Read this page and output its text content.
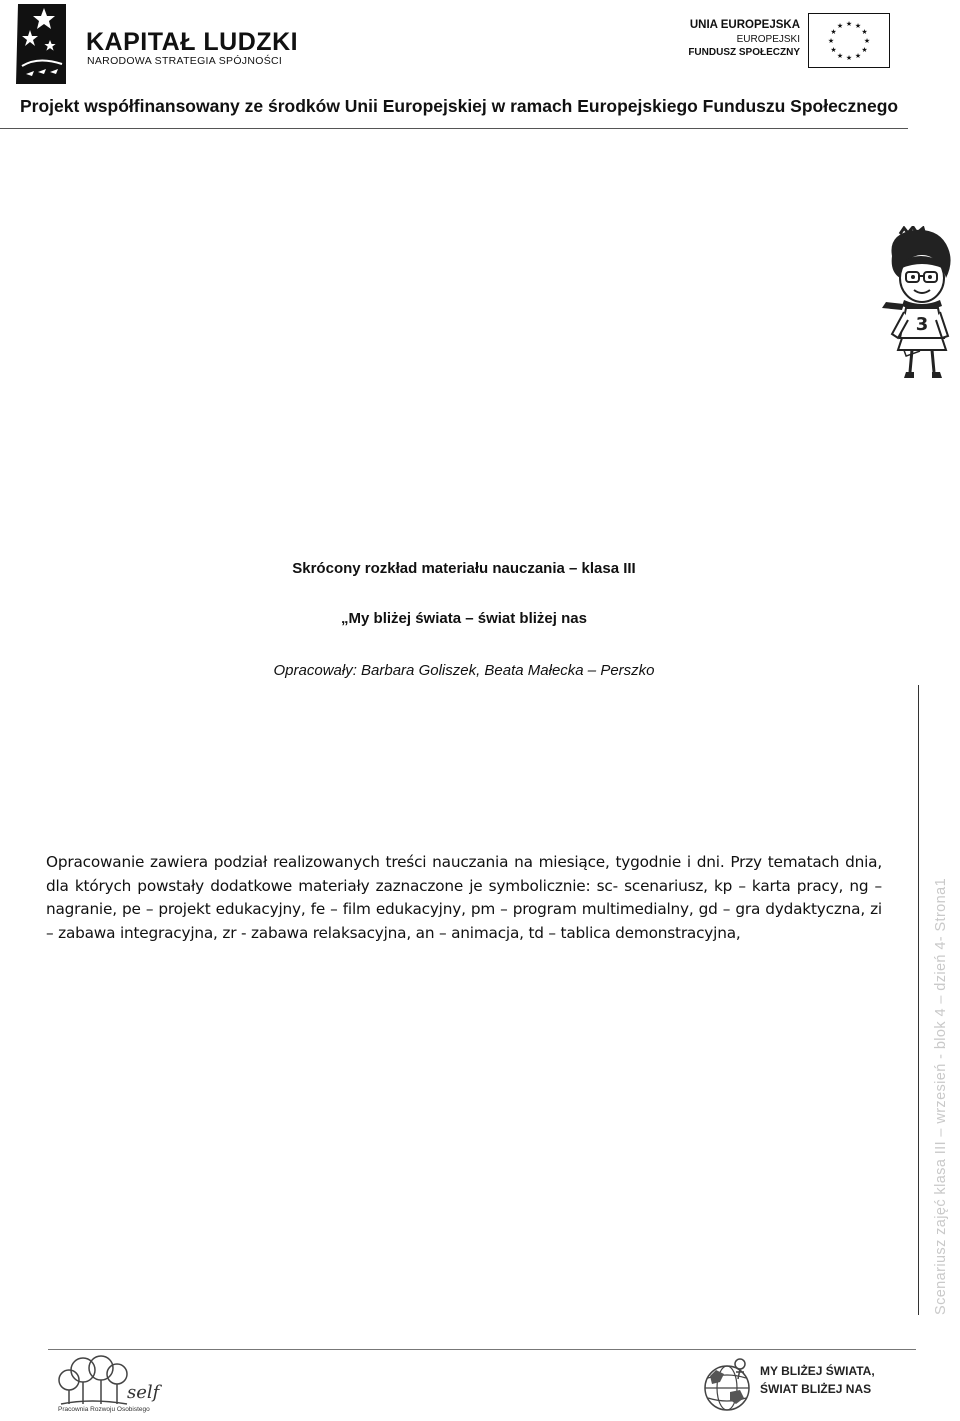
KAPITAŁ LUDZKI
NARODOWA STRATEGIA SPÓJNOŚCI
UNIA EUROPEJSKA
EUROPEJSKI
FUNDUSZ SPOŁECZNY
★ ★
★
★
★
★
★
★
★
★
★
★
Projekt współfinansowany ze środków Unii Europejskiej w ramach Europejskiego Funduszu Społecznego
3
Skrócony rozkład materiału nauczania – klasa III
„My bliżej świata – świat bliżej nas
Opracowały: Barbara Goliszek, Beata Małecka – Perszko
Opracowanie zawiera podział realizowanych treści nauczania na miesiące, tygodnie i dni. Przy tematach dnia, dla których powstały dodatkowe materiały zaznaczone je symbolicznie: sc- scenariusz, kp – karta pracy, ng – nagranie, pe – projekt edukacyjny, fe – film edukacyjny, pm – program multimedialny, gd – gra dydaktyczna, zi – zabawa integracyjna, zr - zabawa relaksacyjna, an – animacja, td – tablica demonstracyjna,	Scenariusz zajęć klasa III – wrzesień - blok 4 – dzień 4- Strona1
self
Pracownia Rozwoju Osobistego
MY BLIŻEJ ŚWIATA,
ŚWIAT BLIŻEJ NAS
